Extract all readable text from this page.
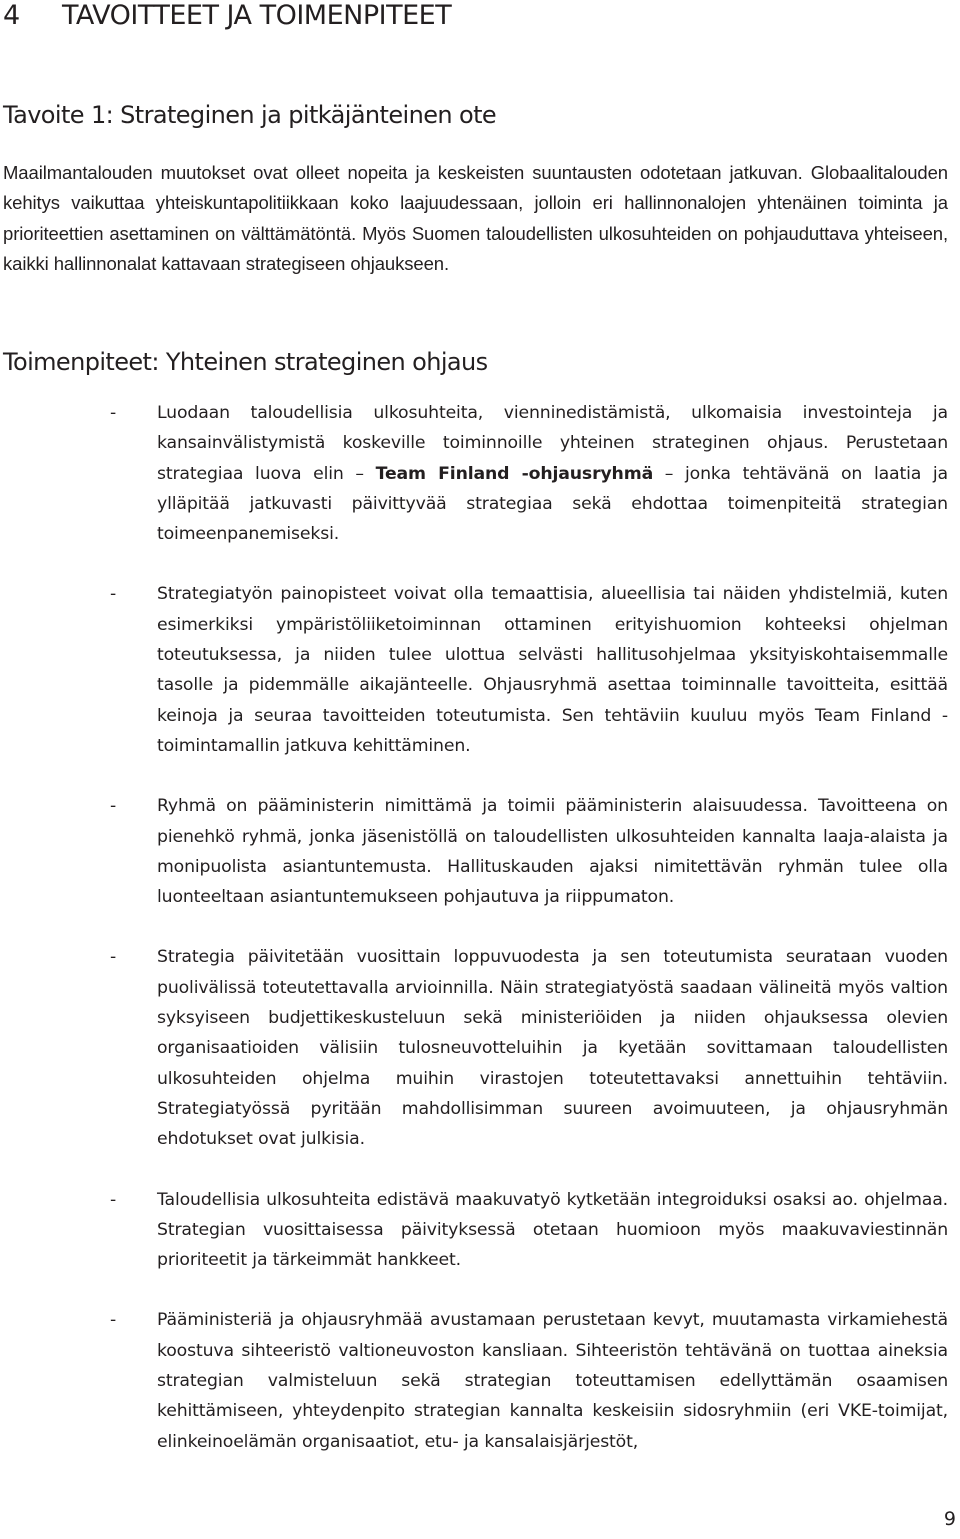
4 TAVOITTEET JA TOIMENPITEET
Tavoite 1: Strateginen ja pitkäjänteinen ote

Maailmantalouden muutokset ovat olleet nopeita ja keskeisten suuntausten odotetaan jatkuvan. Globaalitalouden kehitys vaikuttaa yhteiskuntapolitiikkaan koko laajuudessaan, jolloin eri hallinnonalojen yhtenäinen toiminta ja prioriteettien asettaminen on välttämätöntä. Myös Suomen taloudellisten ulkosuhteiden on pohjauduttava yhteiseen, kaikki hallinnonalat kattavaan strategiseen ohjaukseen.

Toimenpiteet: Yhteinen strateginen ohjaus
- Luodaan taloudellisia ulkosuhteita, vienninedistämistä, ulkomaisia investointeja ja kansainvälistymistä koskeville toiminnoille yhteinen strateginen ohjaus. Perustetaan strategiaa luova elin – Team Finland -ohjausryhmä – jonka tehtävänä on laatia ja ylläpitää jatkuvasti päivittyvää strategiaa sekä ehdottaa toimenpiteitä strategian toimeenpanemiseksi.
- Strategiatyön painopisteet voivat olla temaattisia, alueellisia tai näiden yhdistelmiä, kuten esimerkiksi ympäristöliiketoiminnan ottaminen erityishuomion kohteeksi ohjelman toteutuksessa, ja niiden tulee ulottua selvästi hallitusohjelmaa yksityiskohtaisemmalle tasolle ja pidemmälle aikajänteelle. Ohjausryhmä asettaa toiminnalle tavoitteita, esittää keinoja ja seuraa tavoitteiden toteutumista. Sen tehtäviin kuuluu myös Team Finland -toimintamallin jatkuva kehittäminen.
- Ryhmä on pääministerin nimittämä ja toimii pääministerin alaisuudessa. Tavoitteena on pienehkö ryhmä, jonka jäsenistöllä on taloudellisten ulkosuhteiden kannalta laaja-alaista ja monipuolista asiantuntemusta. Hallituskauden ajaksi nimitettävän ryhmän tulee olla luonteeltaan asiantuntemukseen pohjautuva ja riippumaton.
- Strategia päivitetään vuosittain loppuvuodesta ja sen toteutumista seurataan vuoden puolivälissä toteutettavalla arvioinnilla. Näin strategiatyöstä saadaan välineitä myös valtion syksyiseen budjettikeskusteluun sekä ministeriöiden ja niiden ohjauksessa olevien organisaatioiden välisiin tulosneuvotteluihin ja kyetään sovittamaan taloudellisten ulkosuhteiden ohjelma muihin virastojen toteutettavaksi annettuihin tehtäviin. Strategiatyössä pyritään mahdollisimman suureen avoimuuteen, ja ohjausryhmän ehdotukset ovat julkisia.
- Taloudellisia ulkosuhteita edistävä maakuvatyö kytketään integroiduksi osaksi ao. ohjelmaa. Strategian vuosittaisessa päivityksessä otetaan huomioon myös maakuvaviestinnän prioriteetit ja tärkeimmät hankkeet.
- Pääministeriä ja ohjausryhmää avustamaan perustetaan kevyt, muutamasta virkamiehestä koostuva sihteeristö valtioneuvoston kansliaan. Sihteeristön tehtävänä on tuottaa aineksia strategian valmisteluun sekä strategian toteuttamisen edellyttämän osaamisen kehittämiseen, yhteydenpito strategian kannalta keskeisiin sidosryhmiin (eri VKE-toimijat, elinkeinoelämän organisaatiot, etu- ja kansalaisjärjestöt,
9
